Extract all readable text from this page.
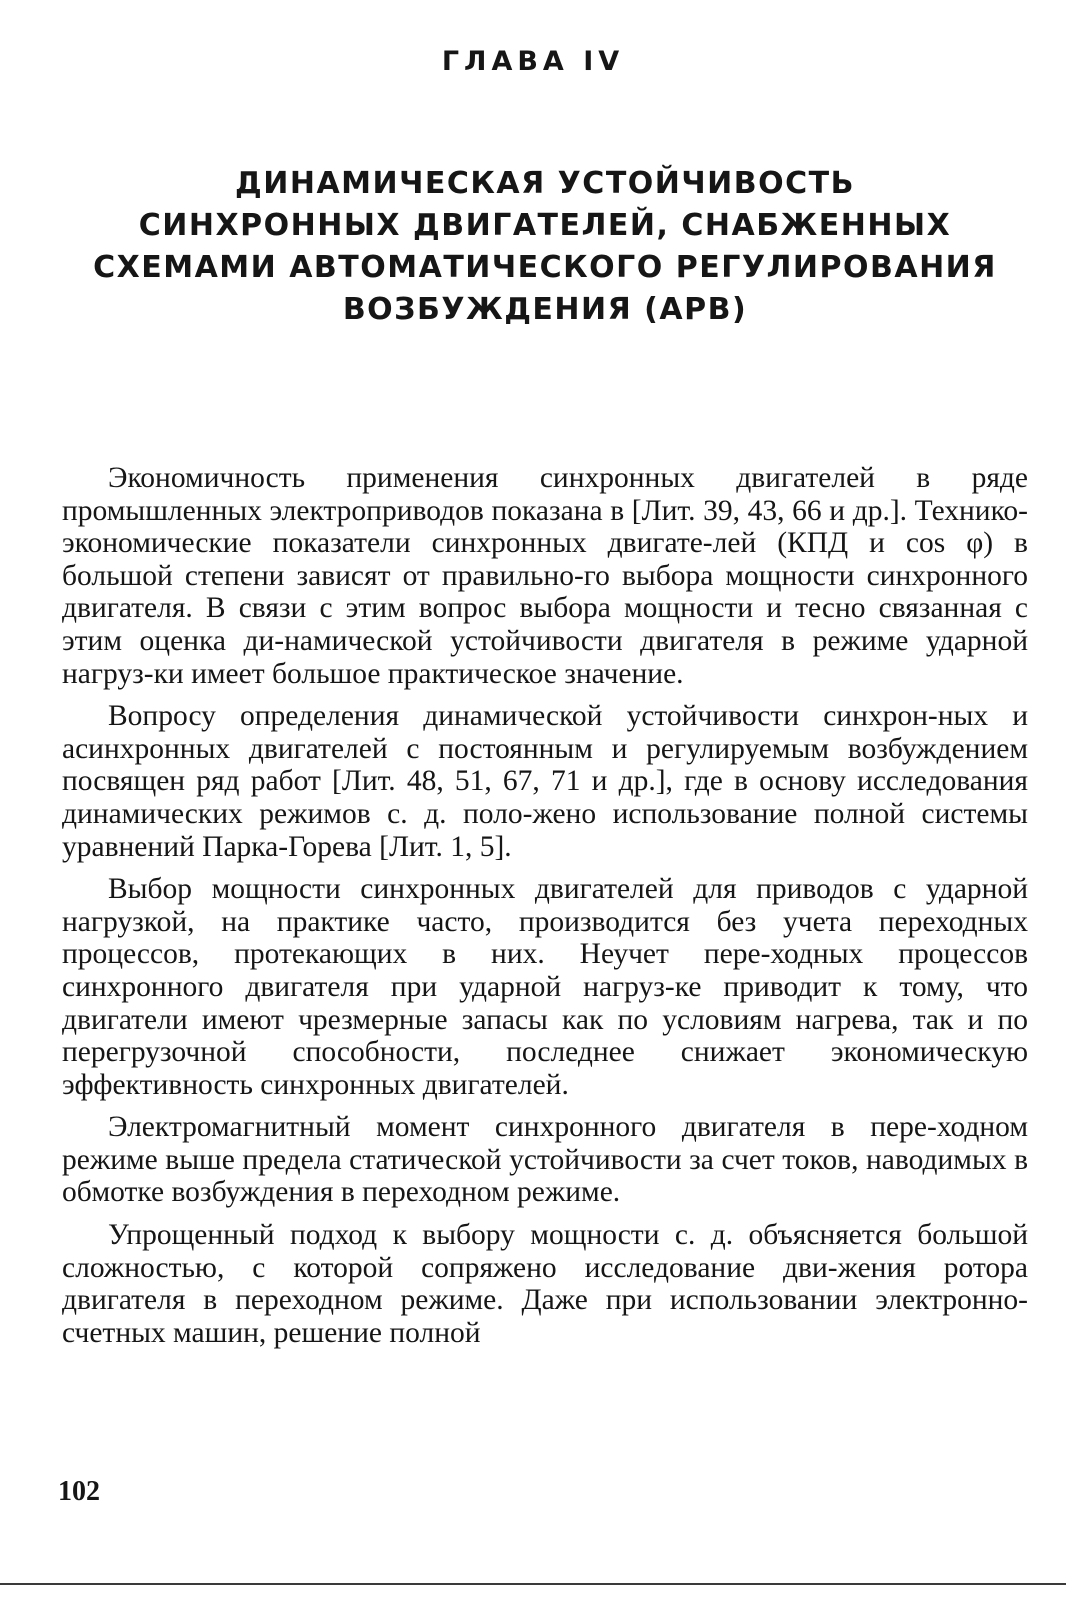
ГЛАВА IV
ДИНАМИЧЕСКАЯ УСТОЙЧИВОСТЬ
СИНХРОННЫХ ДВИГАТЕЛЕЙ, СНАБЖЕННЫХ
СХЕМАМИ АВТОМАТИЧЕСКОГО РЕГУЛИРОВАНИЯ
ВОЗБУЖДЕНИЯ (АРВ)

Экономичность применения синхронных двигателей в ряде промышленных электроприводов показана в [Лит. 39, 43, 66 и др.]. Технико-экономические показатели синхронных двигате-лей (КПД и cos φ) в большой степени зависят от правильно-го выбора мощности синхронного двигателя. В связи с этим вопрос выбора мощности и тесно связанная с этим оценка ди-намической устойчивости двигателя в режиме ударной нагруз-ки имеет большое практическое значение.

Вопросу определения динамической устойчивости синхрон-ных и асинхронных двигателей с постоянным и регулируемым возбуждением посвящен ряд работ [Лит. 48, 51, 67, 71 и др.], где в основу исследования динамических режимов с. д. поло-жено использование полной системы уравнений Парка-Горева [Лит. 1, 5].

Выбор мощности синхронных двигателей для приводов с ударной нагрузкой, на практике часто, производится без учета переходных процессов, протекающих в них. Неучет пере-ходных процессов синхронного двигателя при ударной нагруз-ке приводит к тому, что двигатели имеют чрезмерные запасы как по условиям нагрева, так и по перегрузочной способности, последнее снижает экономическую эффективность синхронных двигателей.

Электромагнитный момент синхронного двигателя в пере-ходном режиме выше предела статической устойчивости за счет токов, наводимых в обмотке возбуждения в переходном режиме.

Упрощенный подход к выбору мощности с. д. объясняется большой сложностью, с которой сопряжено исследование дви-жения ротора двигателя в переходном режиме. Даже при использовании электронно-счетных машин, решение полной

102
